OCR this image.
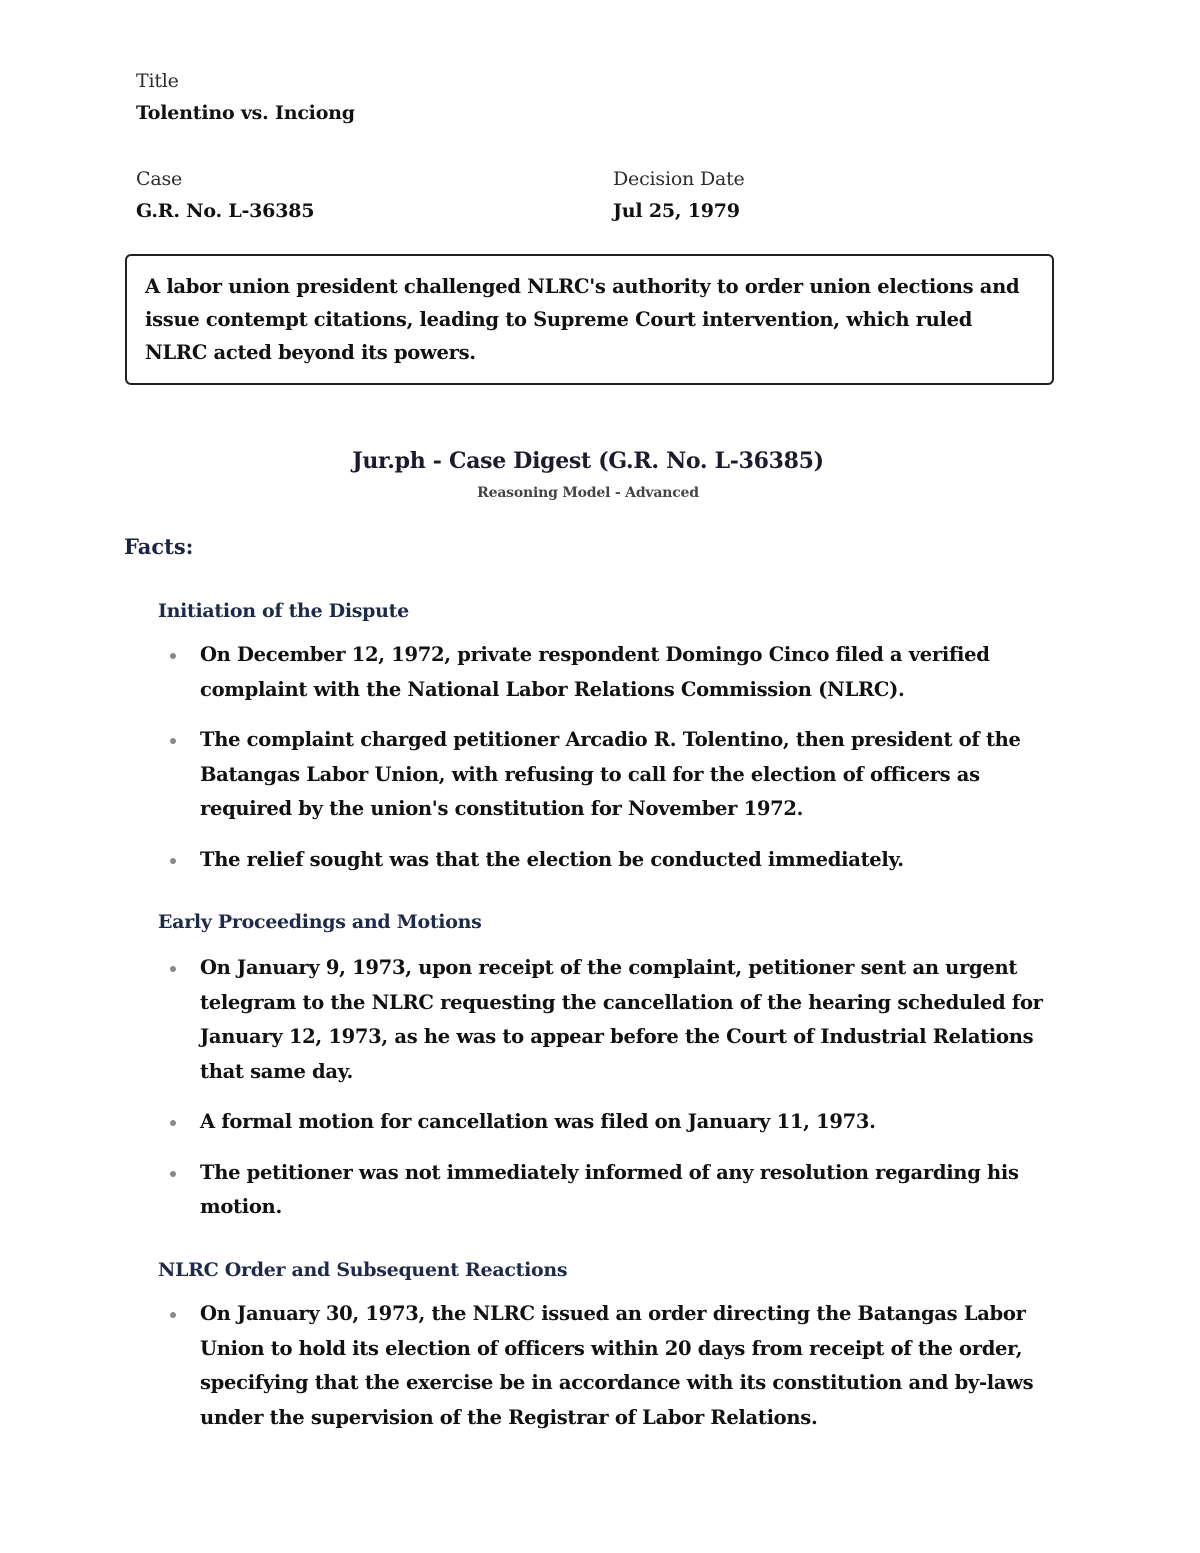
Title
Tolentino vs. Inciong
Case
G.R. No. L-36385
Decision Date
Jul 25, 1979
A labor union president challenged NLRC's authority to order union elections and issue contempt citations, leading to Supreme Court intervention, which ruled NLRC acted beyond its powers.
Jur.ph - Case Digest (G.R. No. L-36385)
Reasoning Model - Advanced
Facts:
Initiation of the Dispute
On December 12, 1972, private respondent Domingo Cinco filed a verified complaint with the National Labor Relations Commission (NLRC).
The complaint charged petitioner Arcadio R. Tolentino, then president of the Batangas Labor Union, with refusing to call for the election of officers as required by the union's constitution for November 1972.
The relief sought was that the election be conducted immediately.
Early Proceedings and Motions
On January 9, 1973, upon receipt of the complaint, petitioner sent an urgent telegram to the NLRC requesting the cancellation of the hearing scheduled for January 12, 1973, as he was to appear before the Court of Industrial Relations that same day.
A formal motion for cancellation was filed on January 11, 1973.
The petitioner was not immediately informed of any resolution regarding his motion.
NLRC Order and Subsequent Reactions
On January 30, 1973, the NLRC issued an order directing the Batangas Labor Union to hold its election of officers within 20 days from receipt of the order, specifying that the exercise be in accordance with its constitution and by-laws under the supervision of the Registrar of Labor Relations.
